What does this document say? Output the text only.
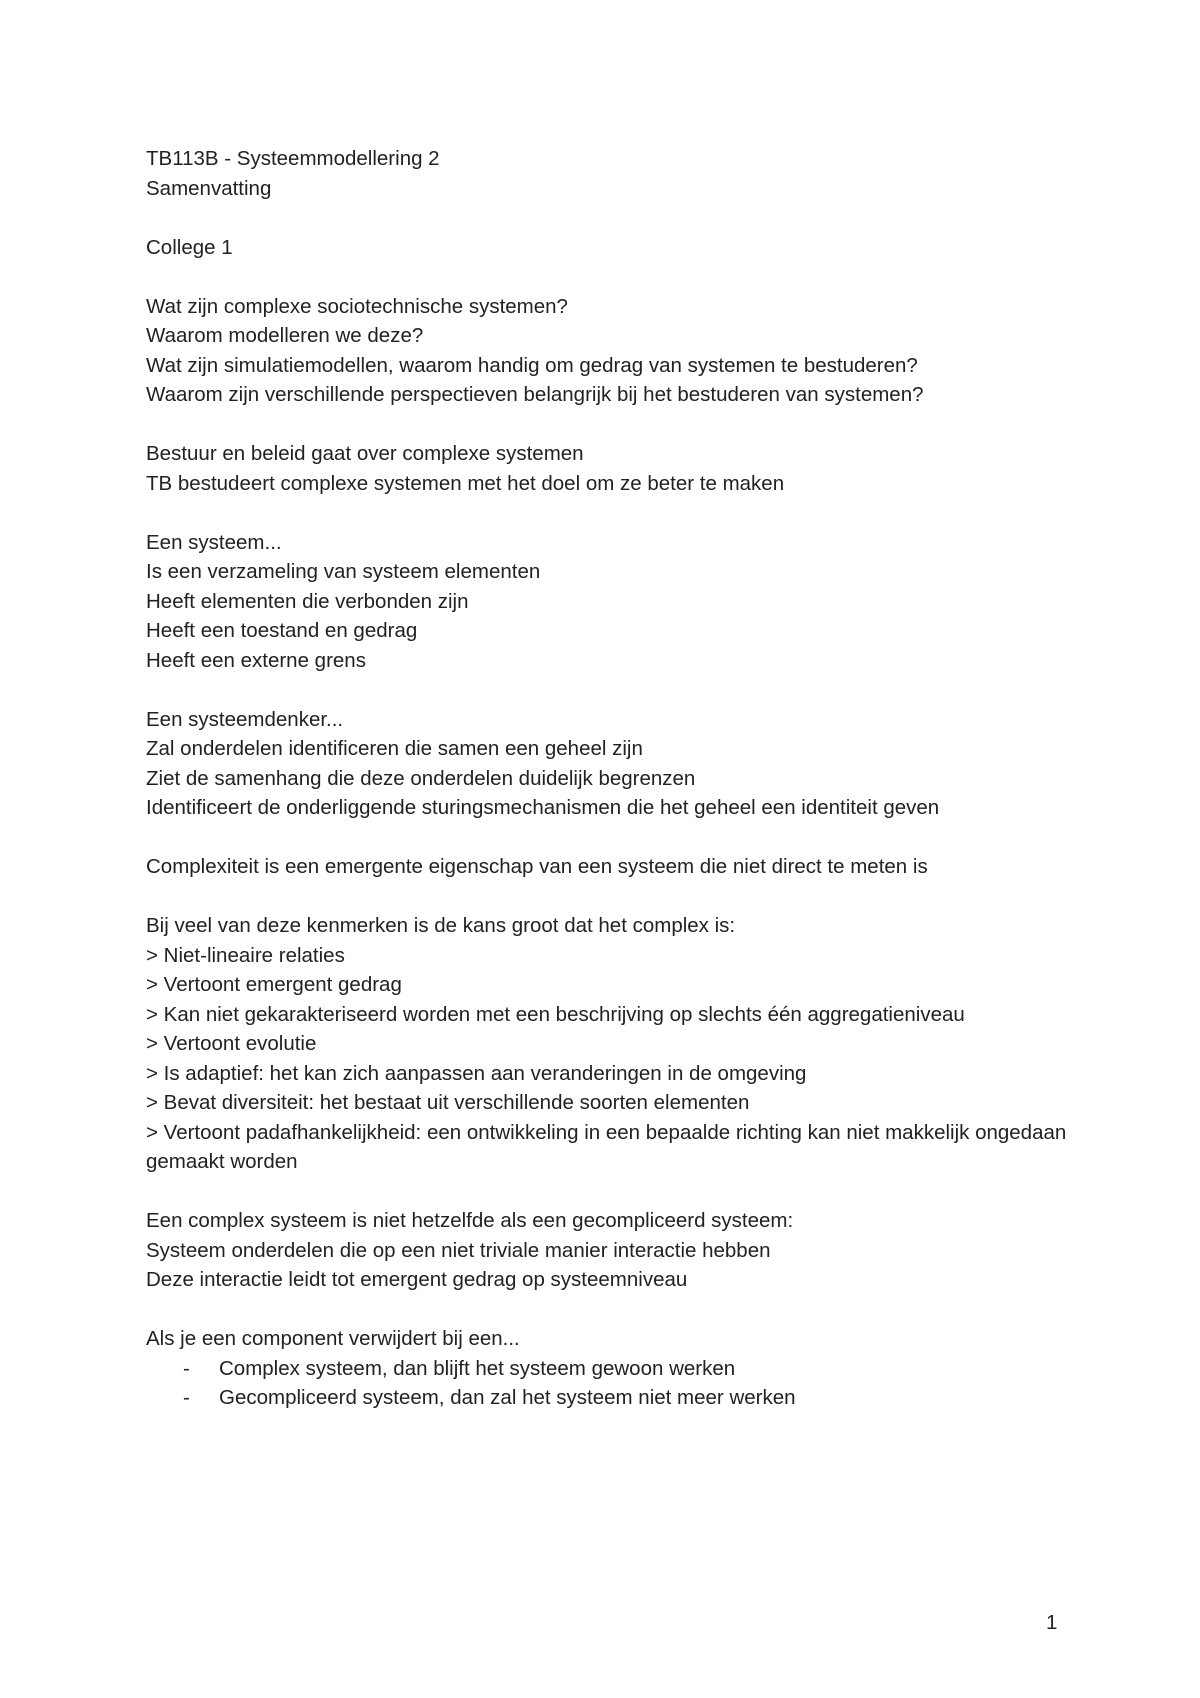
TB113B - Systeemmodellering 2
Samenvatting
College 1
Wat zijn complexe sociotechnische systemen?
Waarom modelleren we deze?
Wat zijn simulatiemodellen, waarom handig om gedrag van systemen te bestuderen?
Waarom zijn verschillende perspectieven belangrijk bij het bestuderen van systemen?
Bestuur en beleid gaat over complexe systemen
TB bestudeert complexe systemen met het doel om ze beter te maken
Een systeem...
Is een verzameling van systeem elementen
Heeft elementen die verbonden zijn
Heeft een toestand en gedrag
Heeft een externe grens
Een systeemdenker...
Zal onderdelen identificeren die samen een geheel zijn
Ziet de samenhang die deze onderdelen duidelijk begrenzen
Identificeert de onderliggende sturingsmechanismen die het geheel een identiteit geven
Complexiteit is een emergente eigenschap van een systeem die niet direct te meten is
Bij veel van deze kenmerken is de kans groot dat het complex is:
> Niet-lineaire relaties
> Vertoont emergent gedrag
> Kan niet gekarakteriseerd worden met een beschrijving op slechts één aggregatieniveau
> Vertoont evolutie
> Is adaptief: het kan zich aanpassen aan veranderingen in de omgeving
> Bevat diversiteit: het bestaat uit verschillende soorten elementen
> Vertoont padafhankelijkheid: een ontwikkeling in een bepaalde richting kan niet makkelijk ongedaan gemaakt worden
Een complex systeem is niet hetzelfde als een gecompliceerd systeem:
Systeem onderdelen die op een niet triviale manier interactie hebben
Deze interactie leidt tot emergent gedrag op systeemniveau
Als je een component verwijdert bij een...
- Complex systeem, dan blijft het systeem gewoon werken
- Gecompliceerd systeem, dan zal het systeem niet meer werken
1
